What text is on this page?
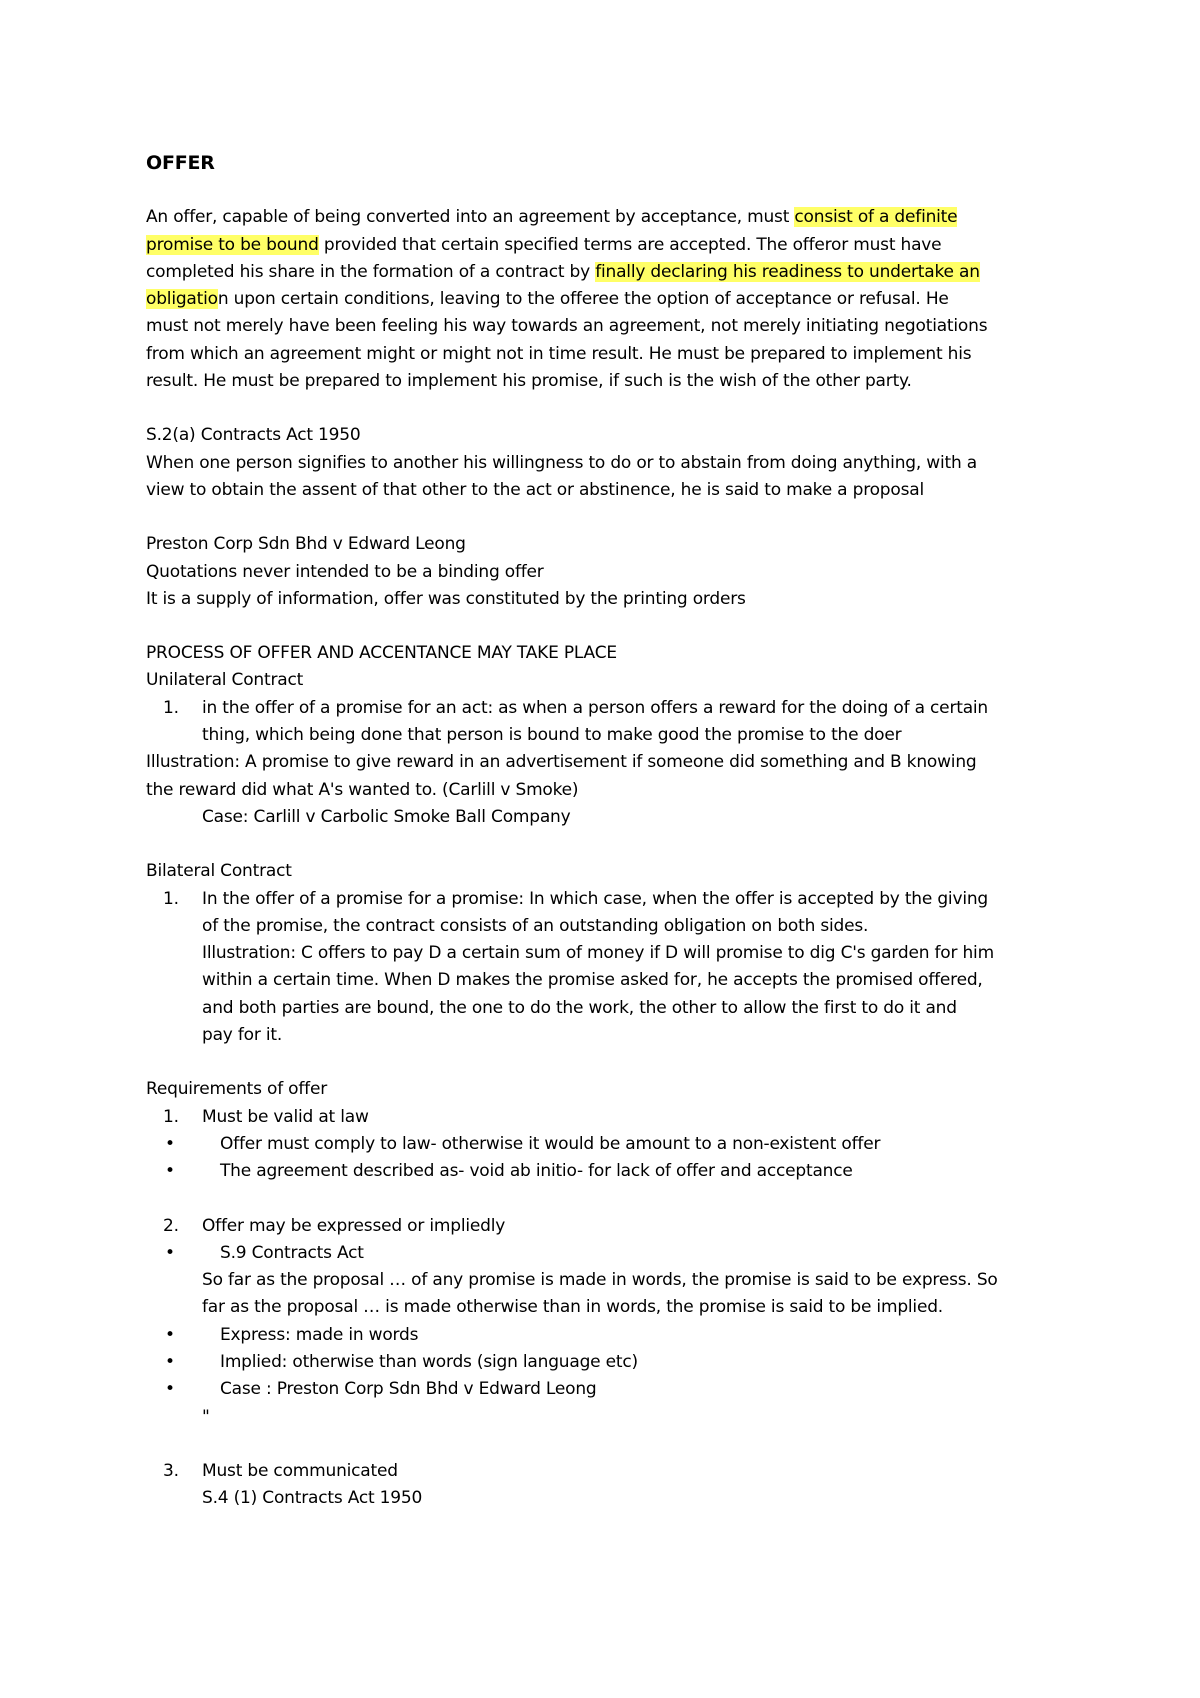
OFFER
An offer, capable of being converted into an agreement by acceptance, must consist of a definite
promise to be bound provided that certain specified terms are accepted. The offeror must have
completed his share in the formation of a contract by finally declaring his readiness to undertake an
obligation upon certain conditions, leaving to the offeree the option of acceptance or refusal. He
must not merely have been feeling his way towards an agreement, not merely initiating negotiations
from which an agreement might or might not in time result. He must be prepared to implement his
result. He must be prepared to implement his promise, if such is the wish of the other party.
S.2(a) Contracts Act 1950
When one person signifies to another his willingness to do or to abstain from doing anything, with a
view to obtain the assent of that other to the act or abstinence, he is said to make a proposal
Preston Corp Sdn Bhd v Edward Leong
Quotations never intended to be a binding offer
It is a supply of information, offer was constituted by the printing orders
PROCESS OF OFFER AND ACCENTANCE MAY TAKE PLACE
Unilateral Contract
1. in the offer of a promise for an act: as when a person offers a reward for the doing of a certain
thing, which being done that person is bound to make good the promise to the doer
Illustration: A promise to give reward in an advertisement if someone did something and B knowing
the reward did what A's wanted to. (Carlill v Smoke)
Case: Carlill v Carbolic Smoke Ball Company
Bilateral Contract
1. In the offer of a promise for a promise: In which case, when the offer is accepted by the giving
of the promise, the contract consists of an outstanding obligation on both sides.
Illustration: C offers to pay D a certain sum of money if D will promise to dig C's garden for him
within a certain time. When D makes the promise asked for, he accepts the promised offered,
and both parties are bound, the one to do the work, the other to allow the first to do it and
pay for it.
Requirements of offer
1. Must be valid at law
•	Offer must comply to law- otherwise it would be amount to a non-existent offer
•	The agreement described as- void ab initio- for lack of offer and acceptance
2. Offer may be expressed or impliedly
•	S.9 Contracts Act
So far as the proposal … of any promise is made in words, the promise is said to be express. So
far as the proposal … is made otherwise than in words, the promise is said to be implied.
•	Express: made in words
•	Implied: otherwise than words (sign language etc)
•	Case : Preston Corp Sdn Bhd v Edward Leong
"
3. Must be communicated
S.4 (1) Contracts Act 1950
